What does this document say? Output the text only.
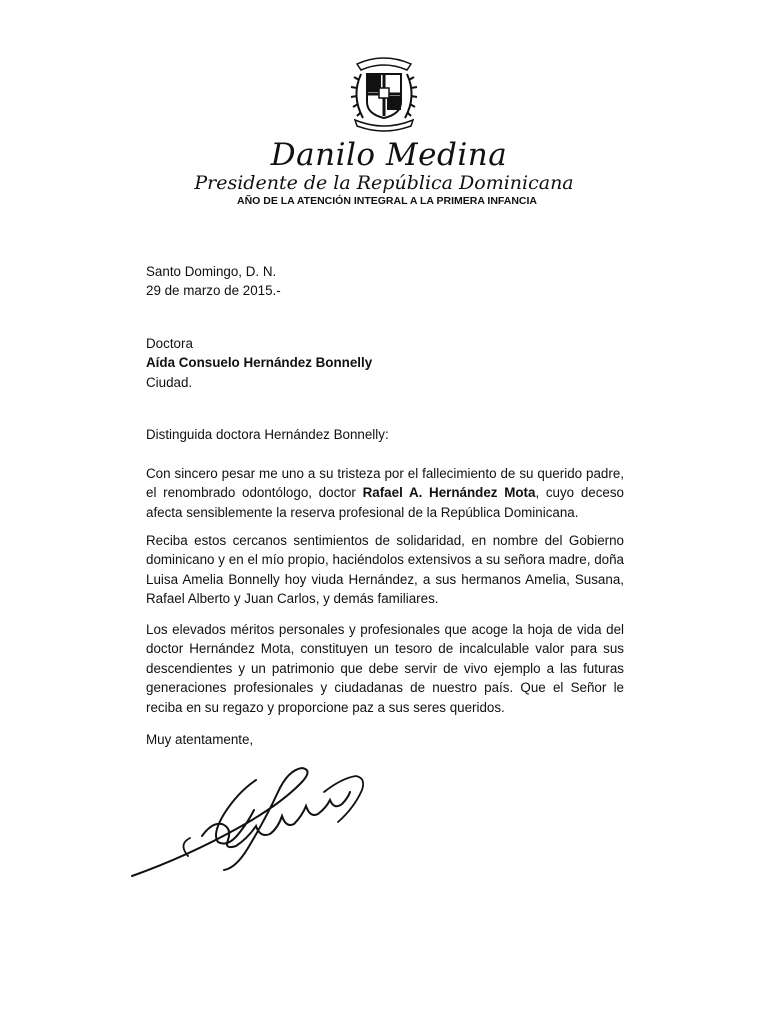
Danilo Medina
Presidente de la República Dominicana
AÑO DE LA ATENCIÓN INTEGRAL A LA PRIMERA INFANCIA
Santo Domingo, D. N.
29 de marzo de 2015.-
Doctora
Aída Consuelo Hernández Bonnelly
Ciudad.
Distinguida doctora Hernández Bonnelly:

Con sincero pesar me uno a su tristeza por el fallecimiento de su querido padre, el renombrado odontólogo, doctor Rafael A. Hernández Mota, cuyo deceso afecta sensiblemente la reserva profesional de la República Dominicana.

Reciba estos cercanos sentimientos de solidaridad, en nombre del Gobierno dominicano y en el mío propio, haciéndolos extensivos a su señora madre, doña Luisa Amelia Bonnelly hoy viuda Hernández, a sus hermanos Amelia, Susana, Rafael Alberto y Juan Carlos, y demás familiares.

Los elevados méritos personales y profesionales que acoge la hoja de vida del doctor Hernández Mota, constituyen un tesoro de incalculable valor para sus descendientes y un patrimonio que debe servir de vivo ejemplo a las futuras generaciones profesionales y ciudadanas de nuestro país. Que el Señor le reciba en su regazo y proporcione paz a sus seres queridos.

Muy atentamente,
